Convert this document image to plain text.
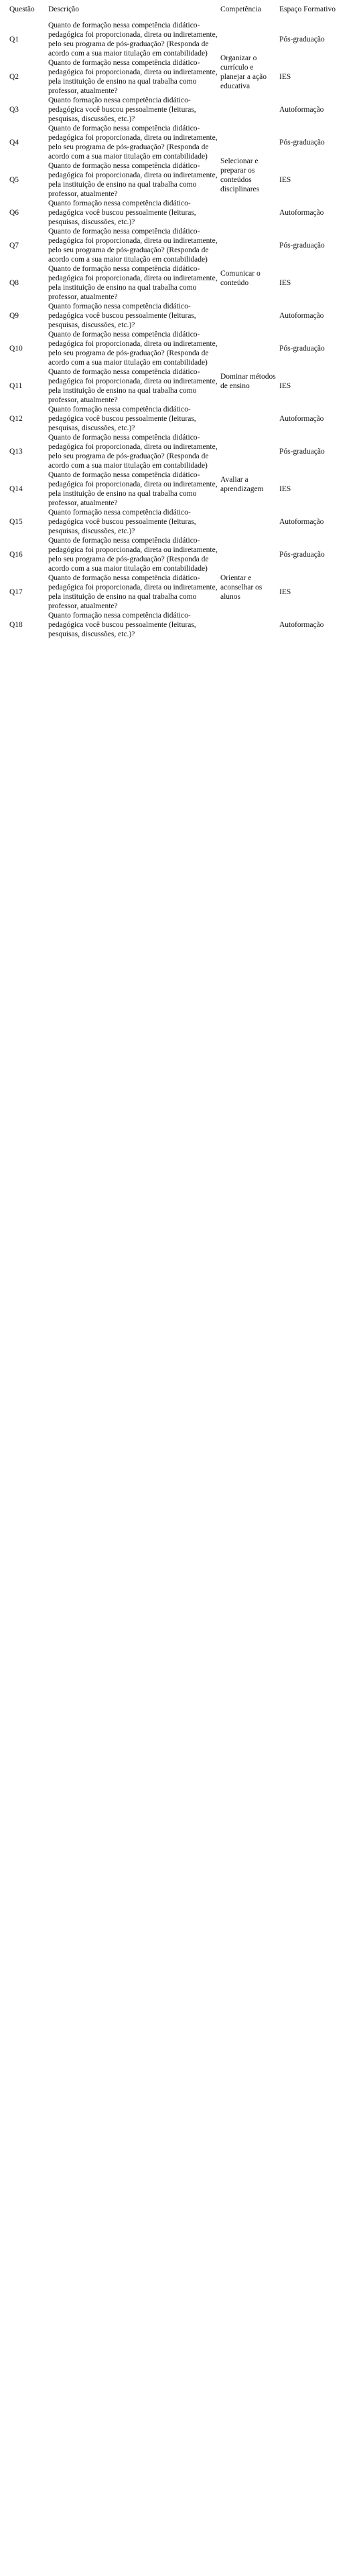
Questão	Descrição	Competência	Espaço Formativo
Q1	Quanto de formação nessa competência didático-pedagógica foi proporcionada, direta ou indiretamente, pelo seu programa de pós-graduação? (Responda de acordo com a sua maior titulação em contabilidade)	Organizar o currículo e planejar a ação educativa	Pós-graduação
Q2	Quanto de formação nessa competência didático-pedagógica foi proporcionada, direta ou indiretamente, pela instituição de ensino na qual trabalha como professor, atualmente?		IES
Q3	Quanto formação nessa competência didático-pedagógica você buscou pessoalmente (leituras, pesquisas, discussões, etc.)?		Autoformação
Q4	Quanto de formação nessa competência didático-pedagógica foi proporcionada, direta ou indiretamente, pelo seu programa de pós-graduação? (Responda de acordo com a sua maior titulação em contabilidade)	Selecionar e preparar os conteúdos disciplinares	Pós-graduação
Q5	Quanto de formação nessa competência didático-pedagógica foi proporcionada, direta ou indiretamente, pela instituição de ensino na qual trabalha como professor, atualmente?		IES
Q6	Quanto formação nessa competência didático-pedagógica você buscou pessoalmente (leituras, pesquisas, discussões, etc.)?		Autoformação
Q7	Quanto de formação nessa competência didático-pedagógica foi proporcionada, direta ou indiretamente, pelo seu programa de pós-graduação? (Responda de acordo com a sua maior titulação em contabilidade)	Comunicar o conteúdo	Pós-graduação
Q8	Quanto de formação nessa competência didático-pedagógica foi proporcionada, direta ou indiretamente, pela instituição de ensino na qual trabalha como professor, atualmente?		IES
Q9	Quanto formação nessa competência didático-pedagógica você buscou pessoalmente (leituras, pesquisas, discussões, etc.)?		Autoformação
Q10	Quanto de formação nessa competência didático-pedagógica foi proporcionada, direta ou indiretamente, pelo seu programa de pós-graduação? (Responda de acordo com a sua maior titulação em contabilidade)	Dominar métodos de ensino	Pós-graduação
Q11	Quanto de formação nessa competência didático-pedagógica foi proporcionada, direta ou indiretamente, pela instituição de ensino na qual trabalha como professor, atualmente?		IES
Q12	Quanto formação nessa competência didático-pedagógica você buscou pessoalmente (leituras, pesquisas, discussões, etc.)?		Autoformação
Q13	Quanto de formação nessa competência didático-pedagógica foi proporcionada, direta ou indiretamente, pelo seu programa de pós-graduação? (Responda de acordo com a sua maior titulação em contabilidade)	Avaliar a aprendizagem	Pós-graduação
Q14	Quanto de formação nessa competência didático-pedagógica foi proporcionada, direta ou indiretamente, pela instituição de ensino na qual trabalha como professor, atualmente?		IES
Q15	Quanto formação nessa competência didático-pedagógica você buscou pessoalmente (leituras, pesquisas, discussões, etc.)?		Autoformação
Q16	Quanto de formação nessa competência didático-pedagógica foi proporcionada, direta ou indiretamente, pelo seu programa de pós-graduação? (Responda de acordo com a sua maior titulação em contabilidade)	Orientar e aconselhar os alunos	Pós-graduação
Q17	Quanto de formação nessa competência didático-pedagógica foi proporcionada, direta ou indiretamente, pela instituição de ensino na qual trabalha como professor, atualmente?		IES
Q18	Quanto formação nessa competência didático-pedagógica você buscou pessoalmente (leituras, pesquisas, discussões, etc.)?		Autoformação
